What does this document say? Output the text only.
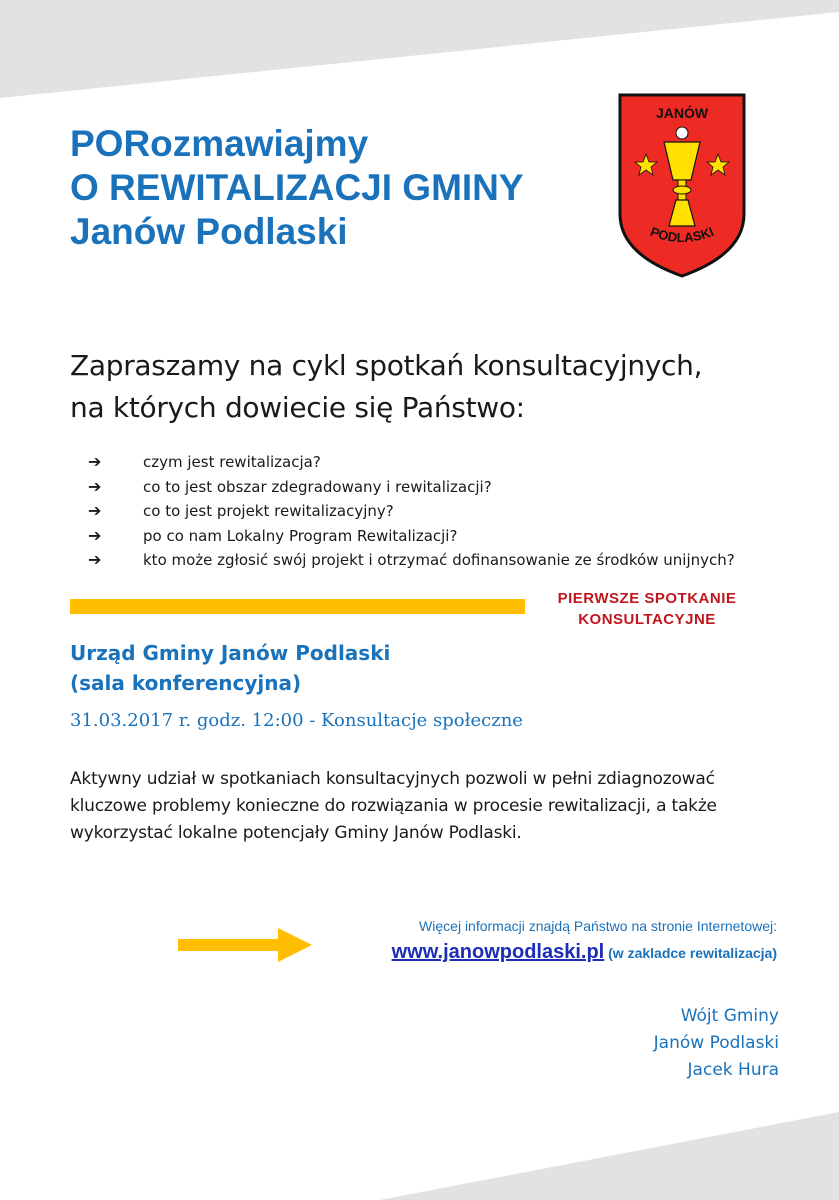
PORozmawiajmy
O REWITALIZACJI GMINY
Janów Podlaski
JANÓW
PODLASKI

Zapraszamy na cykl spotkań konsultacyjnych,
na których dowiecie się Państwo:

➔	czym jest rewitalizacja?
➔	co to jest obszar zdegradowany i rewitalizacji?
➔	co to jest projekt rewitalizacyjny?
➔	po co nam Lokalny Program Rewitalizacji?
➔	kto może zgłosić swój projekt i otrzymać dofinansowanie ze środków unijnych?

PIERWSZE SPOTKANIE
KONSULTACYJNE

Urząd Gminy Janów Podlaski
(sala konferencyjna)

31.03.2017 r. godz. 12:00 - Konsultacje społeczne

Aktywny udział w spotkaniach konsultacyjnych pozwoli w pełni zdiagnozować
kluczowe problemy konieczne do rozwiązania w procesie rewitalizacji, a także
wykorzystać lokalne potencjały Gminy Janów Podlaski.

Więcej informacji znajdą Państwo na stronie Internetowej:

www.janowpodlaski.pl (w zakladce rewitalizacja)

Wójt Gminy
Janów Podlaski
Jacek Hura
